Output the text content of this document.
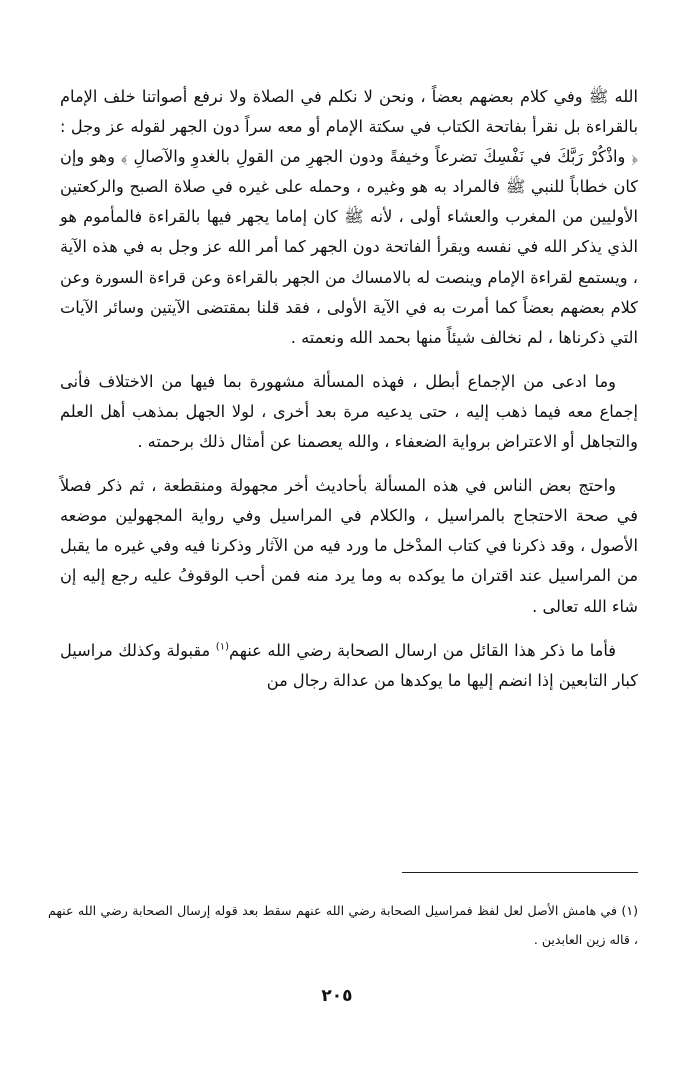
الله ﷺ وفي كلام بعضهم بعضاً ، ونحن لا نكلم في الصلاة ولا نرفع أصواتنا خلف الإمام بالقراءة بل نقرأ بفاتحة الكتاب في سكتة الإمام أو معه سراً دون الجهر لقوله عز وجل : ﴿ واذْكُرْ رَبَّكَ في نَفْسِكَ تضرعاً وخيفةً ودون الجهرِ من القولِ بالغدوِ والآصالِ ﴾ وهو وإن كان خطاباً للنبي ﷺ فالمراد به هو وغيره ، وحمله على غيره في صلاة الصبح والركعتين الأوليين من المغرب والعشاء أولى ، لأنه ﷺ كان إماما يجهر فيها بالقراءة فالمأموم هو الذي يذكر الله في نفسه ويقرأ الفاتحة دون الجهر كما أمر الله عز وجل به في هذه الآية ، ويستمع لقراءة الإمام وينصت له بالامساك من الجهر بالقراءة وعن قراءة السورة وعن كلام بعضهم بعضاً كما أمرت به في الآية الأولى ، فقد قلنا بمقتضى الآيتين وسائر الآيات التي ذكرناها ، لم نخالف شيئاً منها بحمد الله ونعمته .

وما ادعى من الإجماع أبطل ، فهذه المسألة مشهورة بما فيها من الاختلاف فأنى إجماع معه فيما ذهب إليه ، حتى يدعيه مرة بعد أخرى ، لولا الجهل بمذهب أهل العلم والتجاهل أو الاعتراض برواية الضعفاء ، والله يعصمنا عن أمثال ذلك برحمته .

واحتج بعض الناس في هذه المسألة بأحاديث أخر مجهولة ومنقطعة ، ثم ذكر فصلاً في صحة الاحتجاج بالمراسيل ، والكلام في المراسيل وفي رواية المجهولين موضعه الأصول ، وقد ذكرنا في كتاب المدْخل ما ورد فيه من الآثار وذكرنا فيه وفي غيره ما يقبل من المراسيل عند اقتران ما يوكده به وما يرد منه فمن أحب الوقوفُ عليه رجع إليه إن شاء الله تعالى .

فأما ما ذكر هذا القائل من ارسال الصحابة رضي الله عنهم$^{(١)}$ مقبولة وكذلك مراسيل كبار التابعين إذا انضم إليها ما يوكدها من عدالة رجال من

(١) في هامش الأصل لعل لفظ فمراسيل الصحابة رضي الله عنهم سقط بعد قوله إرسال الصحابة رضي الله عنهم ، قاله زين العابدين .

٢٠٥
